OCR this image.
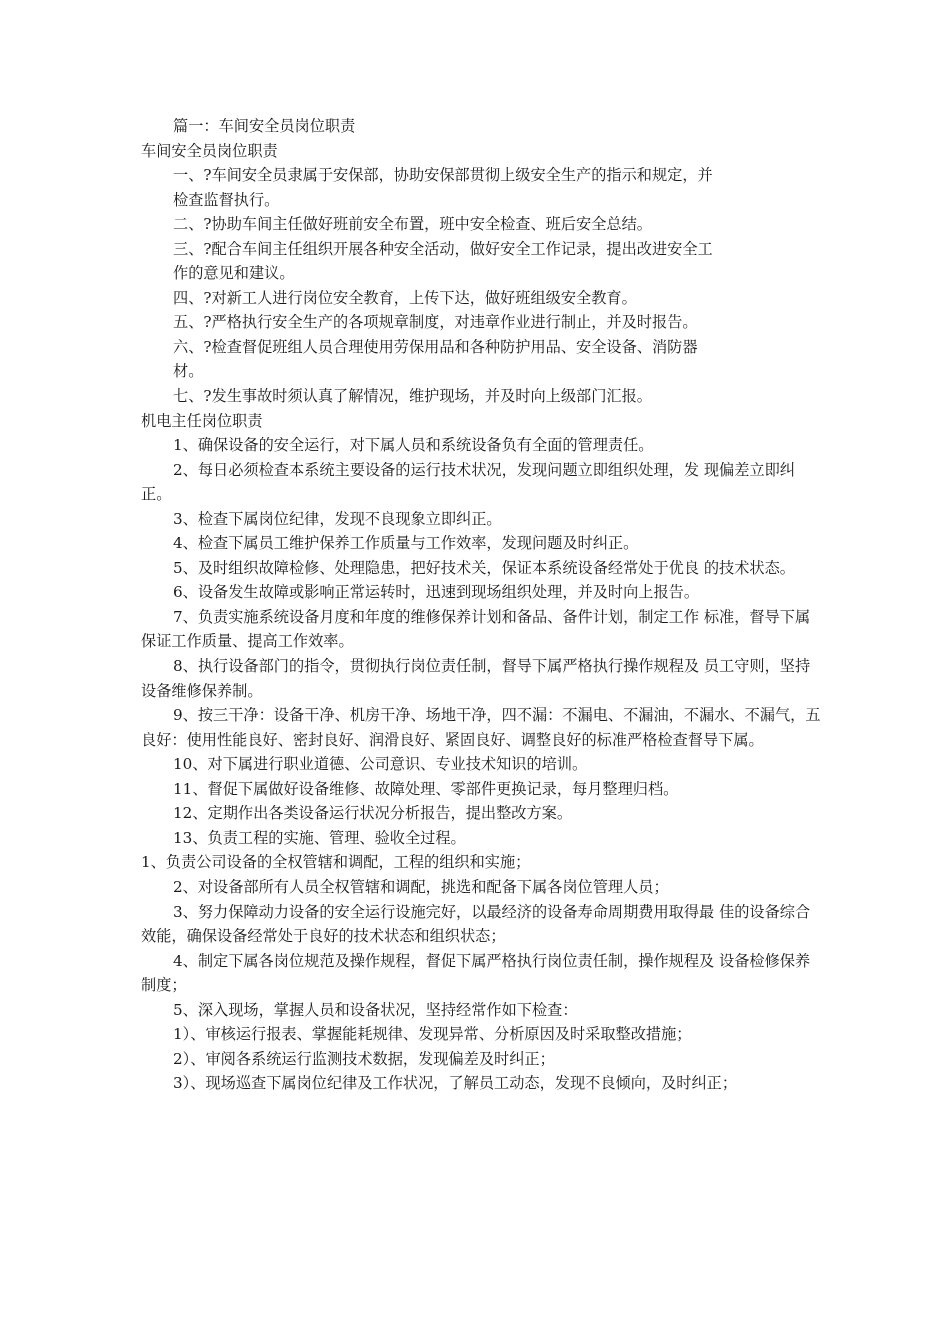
篇一：车间安全员岗位职责

车间安全员岗位职责

一、?车间安全员隶属于安保部，协助安保部贯彻上级安全生产的指示和规定，并检查监督执行。

二、?协助车间主任做好班前安全布置，班中安全检查、班后安全总结。

三、?配合车间主任组织开展各种安全活动，做好安全工作记录，提出改进安全工作的意见和建议。

四、?对新工人进行岗位安全教育，上传下达，做好班组级安全教育。

五、?严格执行安全生产的各项规章制度，对违章作业进行制止，并及时报告。

六、?检查督促班组人员合理使用劳保用品和各种防护用品、安全设备、消防器材。

七、?发生事故时须认真了解情况，维护现场，并及时向上级部门汇报。

机电主任岗位职责

1、确保设备的安全运行，对下属人员和系统设备负有全面的管理责任。

2、每日必须检查本系统主要设备的运行技术状况，发现问题立即组织处理，发 现偏差立即纠正。

3、检查下属岗位纪律，发现不良现象立即纠正。

4、检查下属员工维护保养工作质量与工作效率，发现问题及时纠正。

5、及时组织故障检修、处理隐患，把好技术关，保证本系统设备经常处于优良 的技术状态。

6、设备发生故障或影响正常运转时，迅速到现场组织处理，并及时向上报告。

7、负责实施系统设备月度和年度的维修保养计划和备品、备件计划，制定工作 标准，督导下属保证工作质量、提高工作效率。

8、执行设备部门的指令，贯彻执行岗位责任制，督导下属严格执行操作规程及 员工守则，坚持设备维修保养制。

9、按三干净：设备干净、机房干净、场地干净，四不漏：不漏电、不漏油，不漏水、不漏气，五良好：使用性能良好、密封良好、润滑良好、紧固良好、调整良好的标准严格检查督导下属。

10、对下属进行职业道德、公司意识、专业技术知识的培训。

11、督促下属做好设备维修、故障处理、零部件更换记录，每月整理归档。

12、定期作出各类设备运行状况分析报告，提出整改方案。

13、负责工程的实施、管理、验收全过程。

1、负责公司设备的全权管辖和调配，工程的组织和实施；

2、对设备部所有人员全权管辖和调配，挑选和配备下属各岗位管理人员；

3、努力保障动力设备的安全运行设施完好，以最经济的设备寿命周期费用取得最 佳的设备综合效能，确保设备经常处于良好的技术状态和组织状态；

4、制定下属各岗位规范及操作规程，督促下属严格执行岗位责任制，操作规程及 设备检修保养制度；

5、深入现场，掌握人员和设备状况，坚持经常作如下检查：

1）、审核运行报表、掌握能耗规律、发现异常、分析原因及时采取整改措施；

2）、审阅各系统运行监测技术数据，发现偏差及时纠正；

3）、现场巡查下属岗位纪律及工作状况，了解员工动态，发现不良倾向，及时纠正；
